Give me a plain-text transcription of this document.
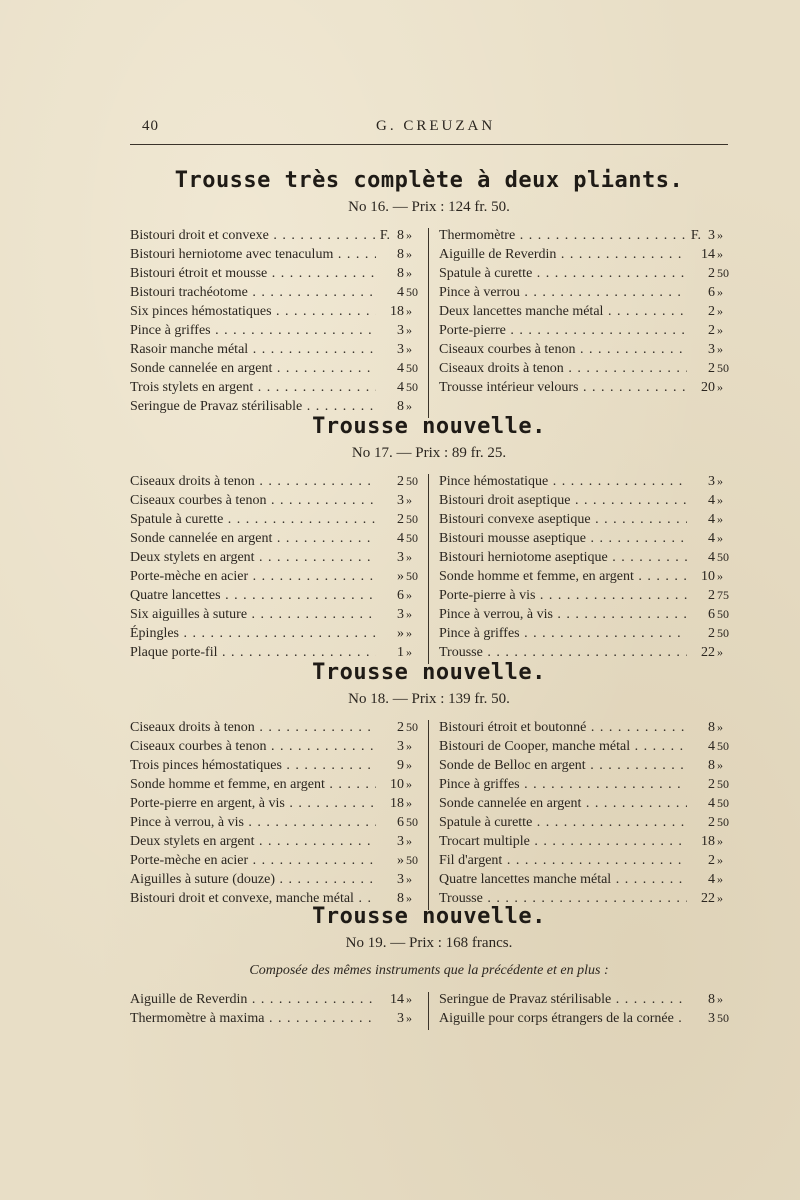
40	G. CREUZAN
Trousse très complète à deux pliants.
No 16. — Prix : 124 fr. 50.
Bistouri droit et convexe . . .	F. 8 »
Bistouri herniotome avec tenaculum . . .	8 »
Bistouri étroit et mousse . . .	8 »
Bistouri trachéotome . . .	4 50
Six pinces hémostatiques . . .	18 »
Pince à griffes . . .	3 »
Rasoir manche métal . . .	3 »
Sonde cannelée en argent . . .	4 50
Trois stylets en argent . . .	4 50
Seringue de Pravaz stérilisable . . .	8 »
Thermomètre . . .	F. 3 »
Aiguille de Reverdin . . .	14 »
Spatule à curette . . .	2 50
Pince à verrou . . .	6 »
Deux lancettes manche métal . . .	2 »
Porte-pierre . . .	2 »
Ciseaux courbes à tenon . . .	3 »
Ciseaux droits à tenon . . .	2 50
Trousse intérieur velours . . .	20 »
Trousse nouvelle.
No 17. — Prix : 89 fr. 25.
Ciseaux droits à tenon . . .	2 50
Ciseaux courbes à tenon . . .	3 »
Spatule à curette . . .	2 50
Sonde cannelée en argent . . .	4 50
Deux stylets en argent . . .	3 »
Porte-mèche en acier . . .	» 50
Quatre lancettes . . .	6 »
Six aiguilles à suture . . .	3 »
Épingles . . .	» »
Plaque porte-fil . . .	1 »
Pince hémostatique . . .	3 »
Bistouri droit aseptique . . .	4 »
Bistouri convexe aseptique . . .	4 »
Bistouri mousse aseptique . . .	4 »
Bistouri herniotome aseptique . . .	4 50
Sonde homme et femme, en argent . . .	10 »
Porte-pierre à vis . . .	2 75
Pince à verrou, à vis . . .	6 50
Pince à griffes . . .	2 50
Trousse . . .	22 »
Trousse nouvelle.
No 18. — Prix : 139 fr. 50.
Ciseaux droits à tenon . . .	2 50
Ciseaux courbes à tenon . . .	3 »
Trois pinces hémostatiques . . .	9 »
Sonde homme et femme, en argent . . .	10 »
Porte-pierre en argent, à vis . . .	18 »
Pince à verrou, à vis . . .	6 50
Deux stylets en argent . . .	3 »
Porte-mèche en acier . . .	» 50
Aiguilles à suture (douze) . . .	3 »
Bistouri droit et convexe, manche métal . . .	8 »
Bistouri étroit et boutonné . . .	8 »
Bistouri de Cooper, manche métal . . .	4 50
Sonde de Belloc en argent . . .	8 »
Pince à griffes . . .	2 50
Sonde cannelée en argent . . .	4 50
Spatule à curette . . .	2 50
Trocart multiple . . .	18 »
Fil d'argent . . .	2 »
Quatre lancettes manche métal . . .	4 »
Trousse . . .	22 »
Trousse nouvelle.
No 19. — Prix : 168 francs.
Composée des mêmes instruments que la précédente et en plus :
Aiguille de Reverdin . . .	14 »
Thermomètre à maxima . . .	3 »
Seringue de Pravaz stérilisable . . .	8 »
Aiguille pour corps étrangers de la cornée . . .	3 50
